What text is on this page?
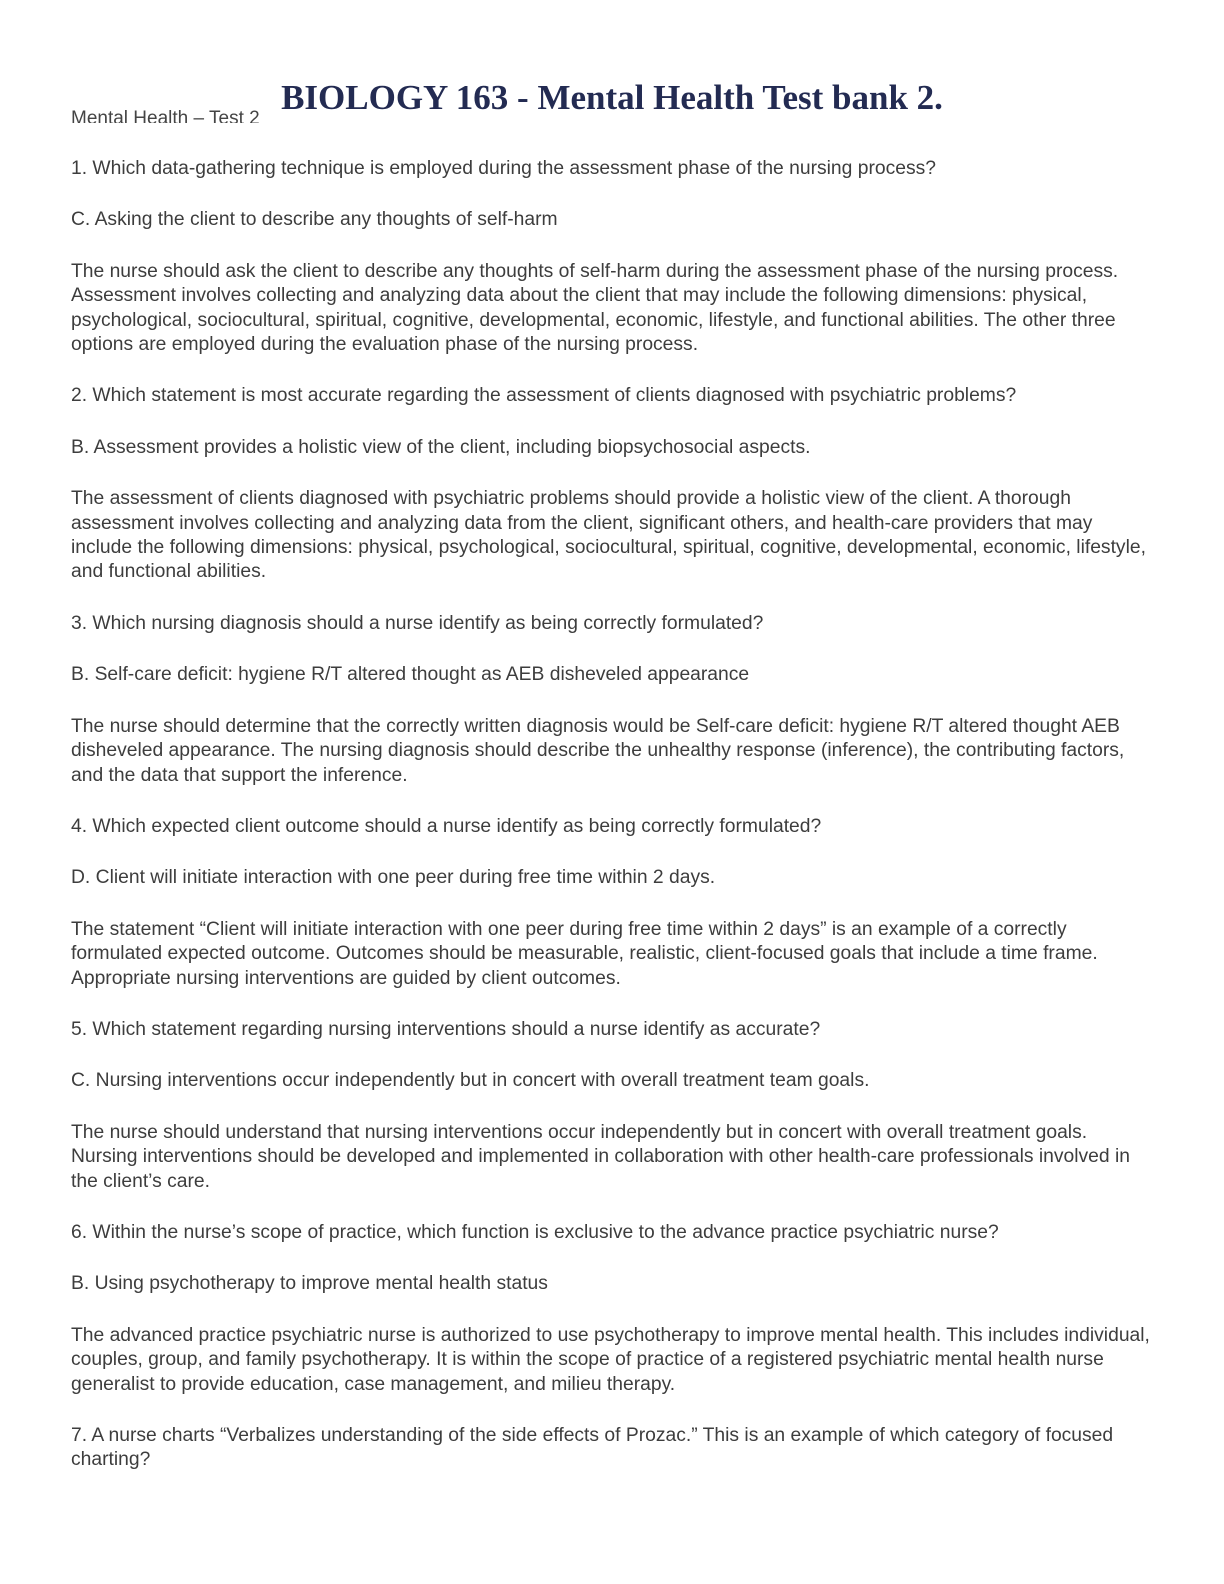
Mental Health – Test 2
BIOLOGY 163 - Mental Health Test bank 2.

1. Which data-gathering technique is employed during the assessment phase of the nursing process?

C. Asking the client to describe any thoughts of self-harm

The nurse should ask the client to describe any thoughts of self-harm during the assessment phase of the nursing process. Assessment involves collecting and analyzing data about the client that may include the following dimensions: physical, psychological, sociocultural, spiritual, cognitive, developmental, economic, lifestyle, and functional abilities. The other three options are employed during the evaluation phase of the nursing process.

2. Which statement is most accurate regarding the assessment of clients diagnosed with psychiatric problems?

B. Assessment provides a holistic view of the client, including biopsychosocial aspects.

The assessment of clients diagnosed with psychiatric problems should provide a holistic view of the client. A thorough assessment involves collecting and analyzing data from the client, significant others, and health-care providers that may include the following dimensions: physical, psychological, sociocultural, spiritual, cognitive, developmental, economic, lifestyle, and functional abilities.

3. Which nursing diagnosis should a nurse identify as being correctly formulated?

B. Self-care deficit: hygiene R/T altered thought as AEB disheveled appearance

The nurse should determine that the correctly written diagnosis would be Self-care deficit: hygiene R/T altered thought AEB disheveled appearance. The nursing diagnosis should describe the unhealthy response (inference), the contributing factors, and the data that support the inference.

4. Which expected client outcome should a nurse identify as being correctly formulated?

D. Client will initiate interaction with one peer during free time within 2 days.

The statement “Client will initiate interaction with one peer during free time within 2 days” is an example of a correctly formulated expected outcome. Outcomes should be measurable, realistic, client-focused goals that include a time frame. Appropriate nursing interventions are guided by client outcomes.

5. Which statement regarding nursing interventions should a nurse identify as accurate?

C. Nursing interventions occur independently but in concert with overall treatment team goals.

The nurse should understand that nursing interventions occur independently but in concert with overall treatment goals. Nursing interventions should be developed and implemented in collaboration with other health-care professionals involved in the client’s care.

6. Within the nurse’s scope of practice, which function is exclusive to the advance practice psychiatric nurse?

B. Using psychotherapy to improve mental health status

The advanced practice psychiatric nurse is authorized to use psychotherapy to improve mental health. This includes individual, couples, group, and family psychotherapy. It is within the scope of practice of a registered psychiatric mental health nurse generalist to provide education, case management, and milieu therapy.

7. A nurse charts “Verbalizes understanding of the side effects of Prozac.” This is an example of which category of focused charting?
